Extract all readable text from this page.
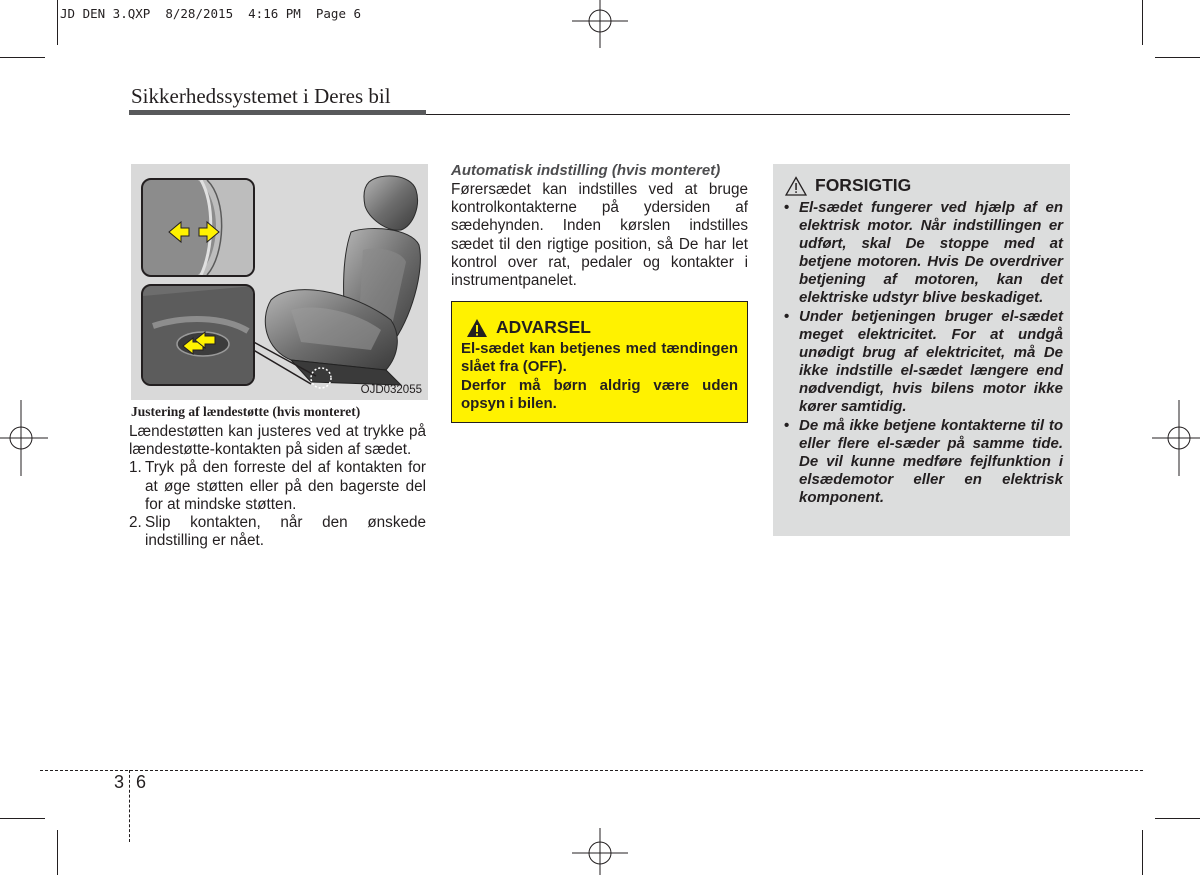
JD DEN 3.QXP  8/28/2015  4:16 PM  Page 6
Sikkerhedssystemet i Deres bil
OJD032055
Justering af lændestøtte (hvis monteret)
Lændestøtten kan justeres ved at trykke på lændestøtte-kontakten på siden af sædet.
1. Tryk på den forreste del af kontakten for at øge støtten eller på den bagerste del for at mindske støtten.
2. Slip kontakten, når den ønskede indstilling er nået.
Automatisk indstilling (hvis monteret)
Førersædet kan indstilles ved at bruge kontrolkontakterne på ydersiden af sædehynden. Inden kørslen indstilles sædet til den rigtige position, så De har let kontrol over rat, pedaler og kontakter i instrumentpanelet.
ADVARSEL

El-sædet kan betjenes med tændingen slået fra (OFF).

Derfor må børn aldrig være uden opsyn i bilen.

FORSIGTIG
• El-sædet fungerer ved hjælp af en elektrisk motor. Når indstillingen er udført, skal De stoppe med at betjene motoren. Hvis De overdriver betjening af motoren, kan det elektriske udstyr blive beskadiget.
• Under betjeningen bruger el-sædet meget elektricitet. For at undgå unødigt brug af elektricitet, må De ikke indstille el-sædet længere end nødvendigt, hvis bilens motor ikke kører samtidig.
• De må ikke betjene kontakterne til to eller flere el-sæder på samme tide. De vil kunne medføre fejlfunktion i elsædemotor eller en elektrisk komponent.
3 6
